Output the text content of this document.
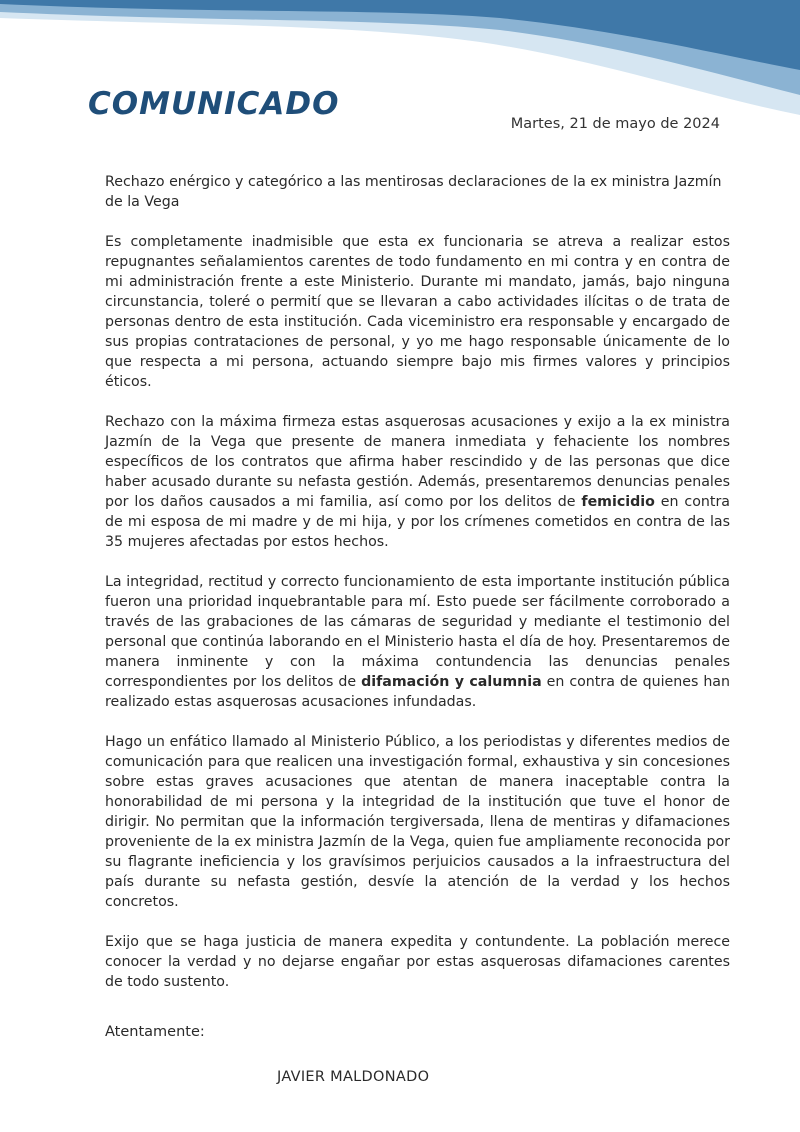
COMUNICADO
Martes, 21 de mayo de 2024

Rechazo enérgico y categórico a las mentirosas declaraciones de la ex ministra Jazmín de la Vega

Es completamente inadmisible que esta ex funcionaria se atreva a realizar estos repugnantes señalamientos carentes de todo fundamento en mi contra y en contra de mi administración frente a este Ministerio. Durante mi mandato, jamás, bajo ninguna circunstancia, toleré o permití que se llevaran a cabo actividades ilícitas o de trata de personas dentro de esta institución. Cada viceministro era responsable y encargado de sus propias contrataciones de personal, y yo me hago responsable únicamente de lo que respecta a mi persona, actuando siempre bajo mis firmes valores y principios éticos.

Rechazo con la máxima firmeza estas asquerosas acusaciones y exijo a la ex ministra Jazmín de la Vega que presente de manera inmediata y fehaciente los nombres específicos de los contratos que afirma haber rescindido y de las personas que dice haber acusado durante su nefasta gestión. Además, presentaremos denuncias penales por los daños causados a mi familia, así como por los delitos de femicidio en contra de mi esposa de mi madre y de mi hija, y por los crímenes cometidos en contra de las 35 mujeres afectadas por estos hechos.

La integridad, rectitud y correcto funcionamiento de esta importante institución pública fueron una prioridad inquebrantable para mí. Esto puede ser fácilmente corroborado a través de las grabaciones de las cámaras de seguridad y mediante el testimonio del personal que continúa laborando en el Ministerio hasta el día de hoy. Presentaremos de manera inminente y con la máxima contundencia las denuncias penales correspondientes por los delitos de difamación y calumnia en contra de quienes han realizado estas asquerosas acusaciones infundadas.

Hago un enfático llamado al Ministerio Público, a los periodistas y diferentes medios de comunicación para que realicen una investigación formal, exhaustiva y sin concesiones sobre estas graves acusaciones que atentan de manera inaceptable contra la honorabilidad de mi persona y la integridad de la institución que tuve el honor de dirigir. No permitan que la información tergiversada, llena de mentiras y difamaciones proveniente de la ex ministra Jazmín de la Vega, quien fue ampliamente reconocida por su flagrante ineficiencia y los gravísimos perjuicios causados a la infraestructura del país durante su nefasta gestión, desvíe la atención de la verdad y los hechos concretos.

Exijo que se haga justicia de manera expedita y contundente. La población merece conocer la verdad y no dejarse engañar por estas asquerosas difamaciones carentes de todo sustento.

Atentamente:
JAVIER MALDONADO
